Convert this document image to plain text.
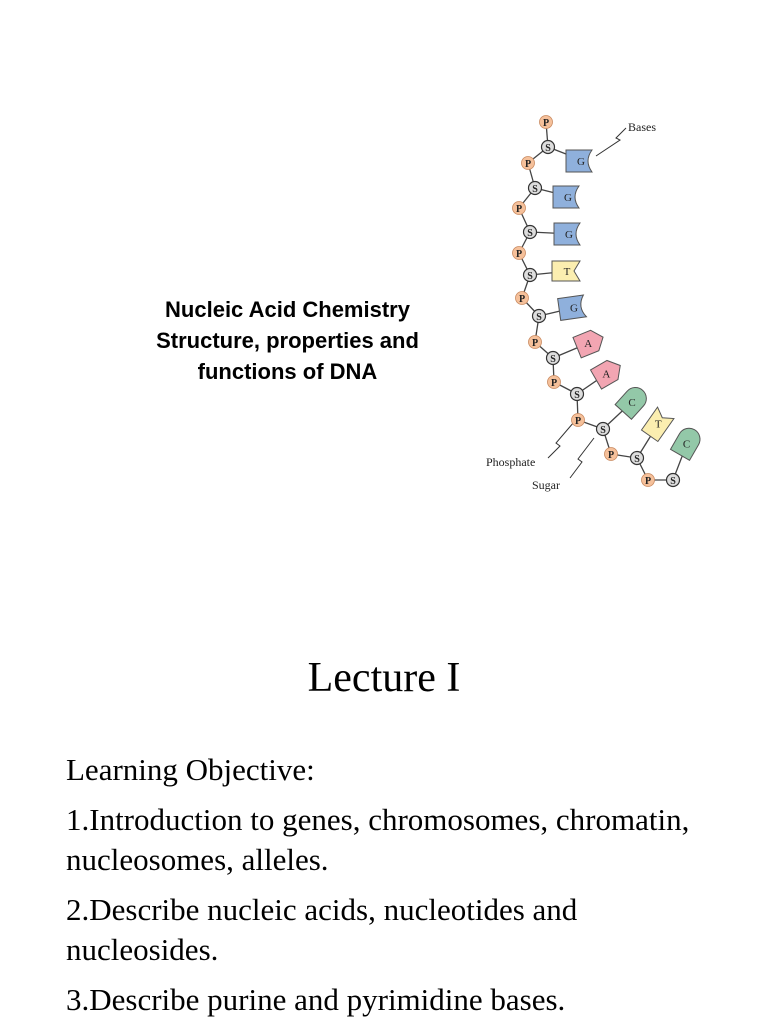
Nucleic Acid Chemistry
Structure, properties and
functions of DNA
G
G
G
T
G
A
A
C
T
C
P
P
P
P
P
P
P
P
P
P
S
S
S
S
S
S
S
S
S
S
Bases
Phosphate
Sugar
Lecture I
Learning Objective:
1.Introduction to genes, chromosomes, chromatin, nucleosomes, alleles.
2.Describe nucleic acids, nucleotides and nucleosides.
3.Describe purine and pyrimidine bases.
